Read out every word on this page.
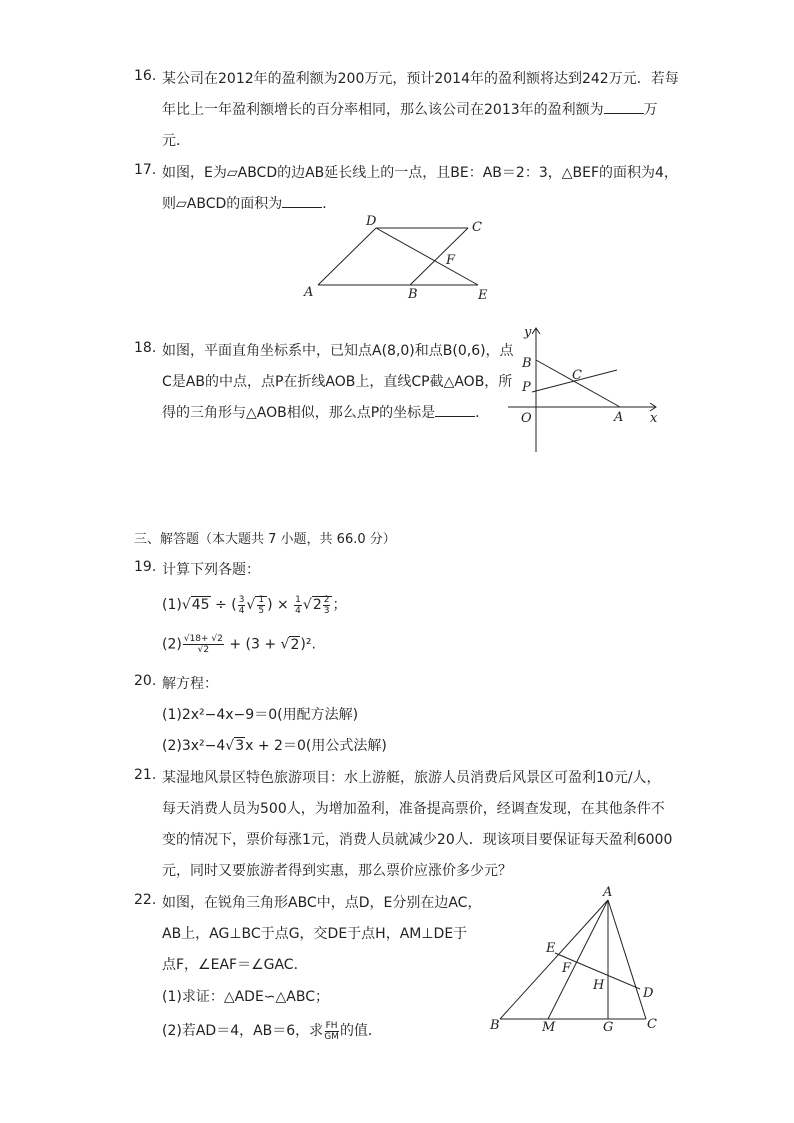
16. 某公司在2012年的盈利额为200万元，预计2014年的盈利额将达到242万元．若每
年比上一年盈利额增长的百分率相同，那么该公司在2013年的盈利额为	万
元．
17. 如图，E为▱ABCD的边AB延长线上的一点，且BE：AB＝2：3，△BEF的面积为4，
则▱ABCD的面积为	．
D	C
F
A	B	E
18. 如图，平面直角坐标系中，已知点A(8,0)和点B(0,6)，点
C是AB的中点，点P在折线AOB上，直线CP截△AOB，所
得的三角形与△AOB相似，那么点P的坐标是	．
y
B
C
P
O	A x
三、解答题（本大题共 7 小题，共 66.0 分）
19. 计算下列各题：
(1)√45 ÷ ( $\frac{3}{4}$ √ $\frac{1}{5}$ ) × $\frac{1}{4} √2 \frac{2}{3}$ ；
$(2) \frac{√18+ √2}{√2} + (3 + √2)^2$.
20. 解方程：
(1)2x²−4x−9＝0(用配方法解)
(2)3x²−4√3x + 2＝0(用公式法解)
21. 某湿地风景区特色旅游项目：水上游艇，旅游人员消费后风景区可盈利10元/人，
每天消费人员为500人，为增加盈利，准备提高票价，经调查发现，在其他条件不
变的情况下，票价每涨1元，消费人员就减少20人．现该项目要保证每天盈利6000
元，同时又要旅游者得到实惠，那么票价应涨价多少元？
22. 如图，在锐角三角形ABC中，点D，E分别在边AC，
AB上，AG⊥BC于点G，交DE于点H，AM⊥DE于
点F，∠EAF＝∠GAC．
(1)求证：△ADE∽△ABC；
(2)若AD＝4，AB＝6，求 $\frac{FH}{GM}$ 的值．
A
E
F
H
D
B	M	G	C
